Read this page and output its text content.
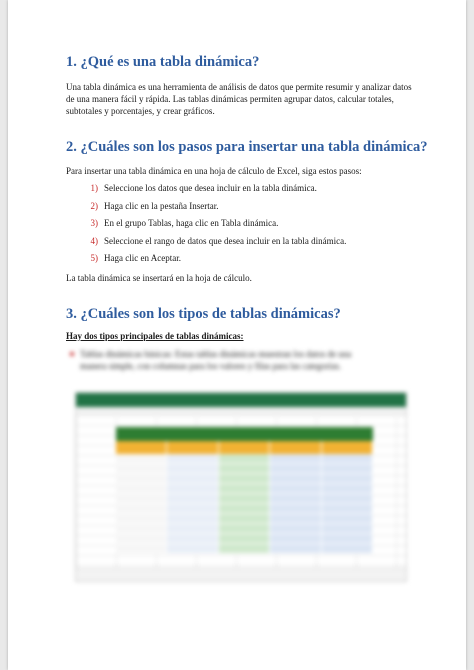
1. ¿Qué es una tabla dinámica?

Una tabla dinámica es una herramienta de análisis de datos que permite resumir y analizar datos de una manera fácil y rápida. Las tablas dinámicas permiten agrupar datos, calcular totales, subtotales y porcentajes, y crear gráficos.

2. ¿Cuáles son los pasos para insertar una tabla dinámica?

Para insertar una tabla dinámica en una hoja de cálculo de Excel, siga estos pasos:

1) Seleccione los datos que desea incluir en la tabla dinámica.
2) Haga clic en la pestaña Insertar.
3) En el grupo Tablas, haga clic en Tabla dinámica.
4) Seleccione el rango de datos que desea incluir en la tabla dinámica.
5) Haga clic en Aceptar.

La tabla dinámica se insertará en la hoja de cálculo.

3. ¿Cuáles son los tipos de tablas dinámicas?

Hay dos tipos principales de tablas dinámicas:

Tablas dinámicas básicas: Estas tablas dinámicas muestran los datos de una manera simple, con columnas para los valores y filas para las categorías.
